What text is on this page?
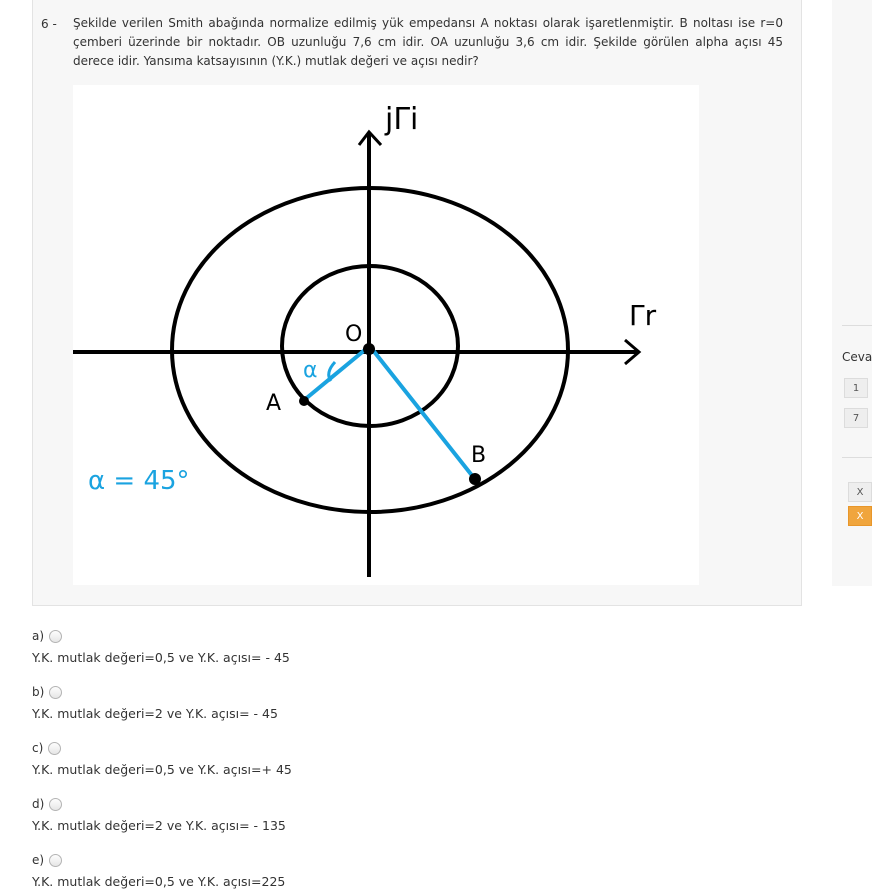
6 - Şekilde verilen Smith abağında normalize edilmiş yük empedansı A noktası olarak işaretlenmiştir. B noltası ise r=0 çemberi üzerinde bir noktadır. OB uzunluğu 7,6 cm idir. OA uzunluğu 3,6 cm idir. Şekilde görülen alpha açısı 45 derece idir. Yansıma katsayısının (Y.K.) mutlak değeri ve açısı nedir?
jΓi
Γr
O
A
B
α
α = 45°
a)
Y.K. mutlak değeri=0,5 ve Y.K. açısı= - 45
b)
Y.K. mutlak değeri=2 ve Y.K. açısı= - 45
c)
Y.K. mutlak değeri=0,5 ve Y.K. açısı=+ 45
d)
Y.K. mutlak değeri=2 ve Y.K. açısı= - 135
e)
Y.K. mutlak değeri=0,5 ve Y.K. açısı=225
Ceva
1
7
X
X
